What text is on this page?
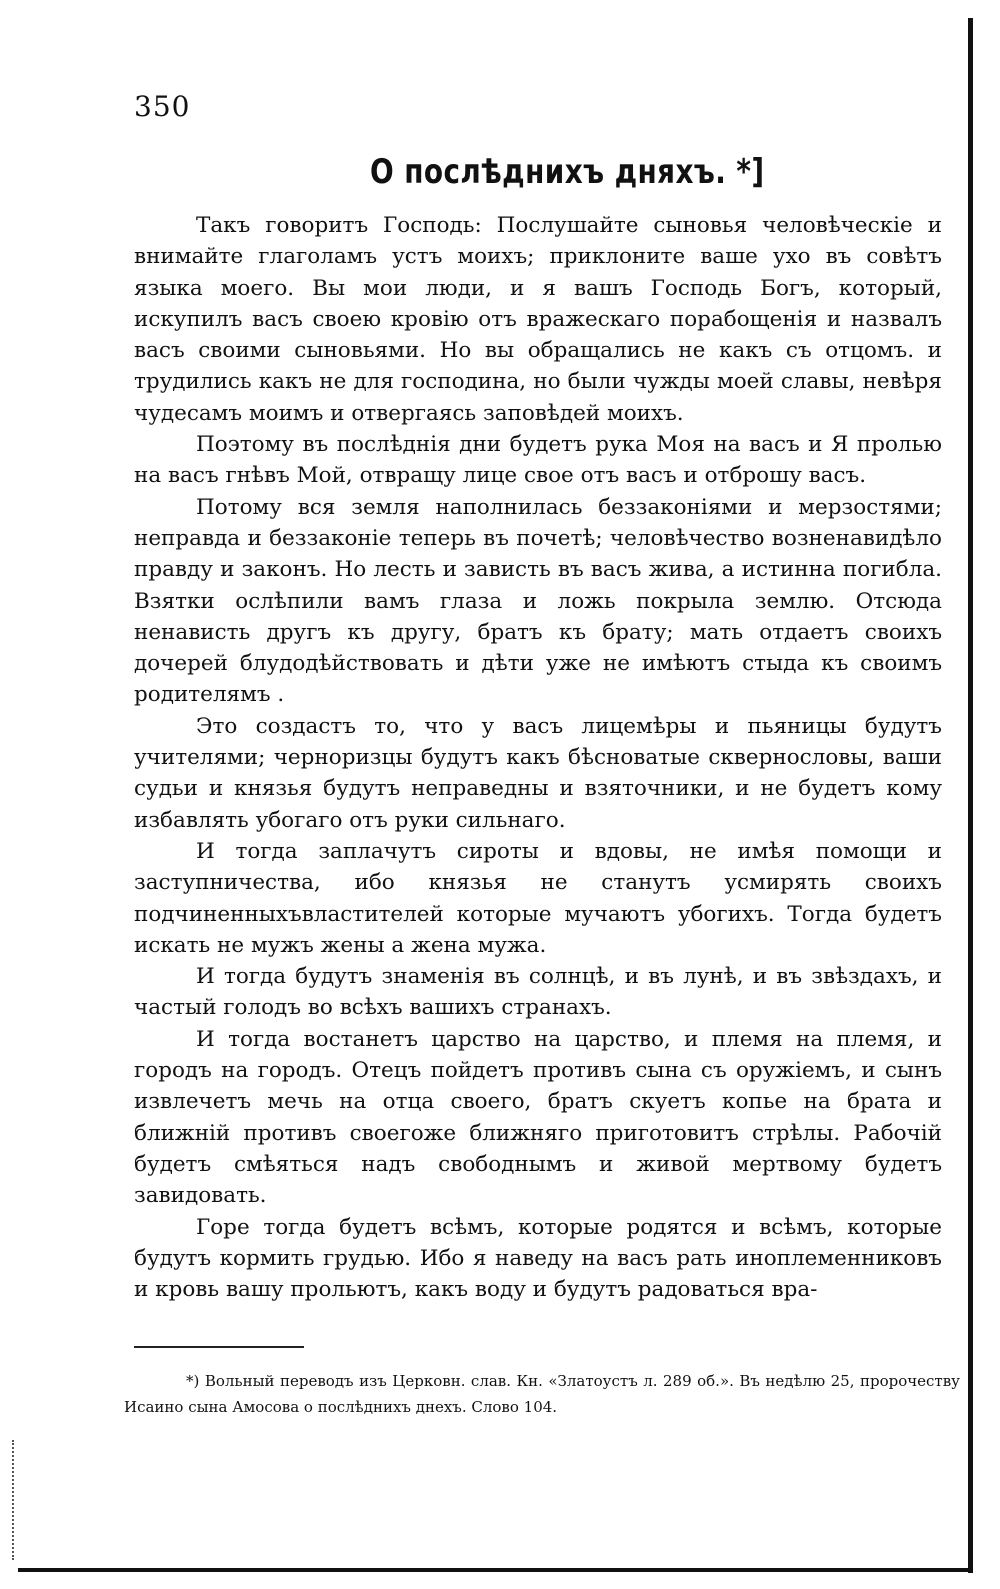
350
О послѣднихъ дняхъ. *]

Такъ говоритъ Господь: Послушайте сыновья человѣческіе и внимайте глаголамъ устъ моихъ; приклоните ваше ухо въ совѣтъ языка моего. Вы мои люди, и я вашъ Господь Богъ, который, искупилъ васъ своею кровію отъ вражескаго порабощенія и назвалъ васъ своими сыновьями. Но вы обращались не какъ съ отцомъ. и трудились какъ не для господина, но были чужды моей славы, невѣря чудесамъ моимъ и отвергаясь заповѣдей моихъ.

Поэтому въ послѣднія дни будетъ рука Моя на васъ и Я пролью на васъ гнѣвъ Мой, отвращу лице свое отъ васъ и отброшу васъ.

Потому вся земля наполнилась беззаконіями и мерзостями; неправда и беззаконіе теперь въ почетѣ; человѣчество возненавидѣло правду и законъ. Но лесть и зависть въ васъ жива, а истинна погибла. Взятки ослѣпили вамъ глаза и ложь покрыла землю. Отсюда ненависть другъ къ другу, братъ къ брату; мать отдаетъ своихъ дочерей блудодѣйствовать и дѣти уже не имѣютъ стыда къ своимъ родителямъ .

Это создастъ то, что у васъ лицемѣры и пьяницы будутъ учителями; черноризцы будутъ какъ бѣсноватые сквернословы, ваши судьи и князья будутъ неправедны и взяточники, и не будетъ кому избавлять убогаго отъ руки сильнаго.

И тогда заплачутъ сироты и вдовы, не имѣя помощи и заступничества, ибо князья не станутъ усмирять своихъ подчиненныхъвластителей которые мучаютъ убогихъ. Тогда будетъ искать не мужъ жены а жена мужа.

И тогда будутъ знаменія въ солнцѣ, и въ лунѣ, и въ звѣздахъ, и частый голодъ во всѣхъ вашихъ странахъ.

И тогда востанетъ царство на царство, и племя на племя, и городъ на городъ. Отецъ пойдетъ противъ сына съ оружіемъ, и сынъ извлечетъ мечь на отца своего, братъ скуетъ копье на брата и ближній противъ своегоже ближняго приготовитъ стрѣлы. Рабочій будетъ смѣяться надъ свободнымъ и живой мертвому будетъ завидовать.

Горе тогда будетъ всѣмъ, которые родятся и всѣмъ, которые будутъ кормить грудью. Ибо я наведу на васъ рать иноплеменниковъ и кровь вашу прольютъ, какъ воду и будутъ радоваться вра-

*) Вольный переводъ изъ Церковн. слав. Кн. «Златоустъ л. 289 об.». Въ недѣлю 25, пророчеству Исаино сына Амосова о послѣднихъ днехъ. Слово 104.
